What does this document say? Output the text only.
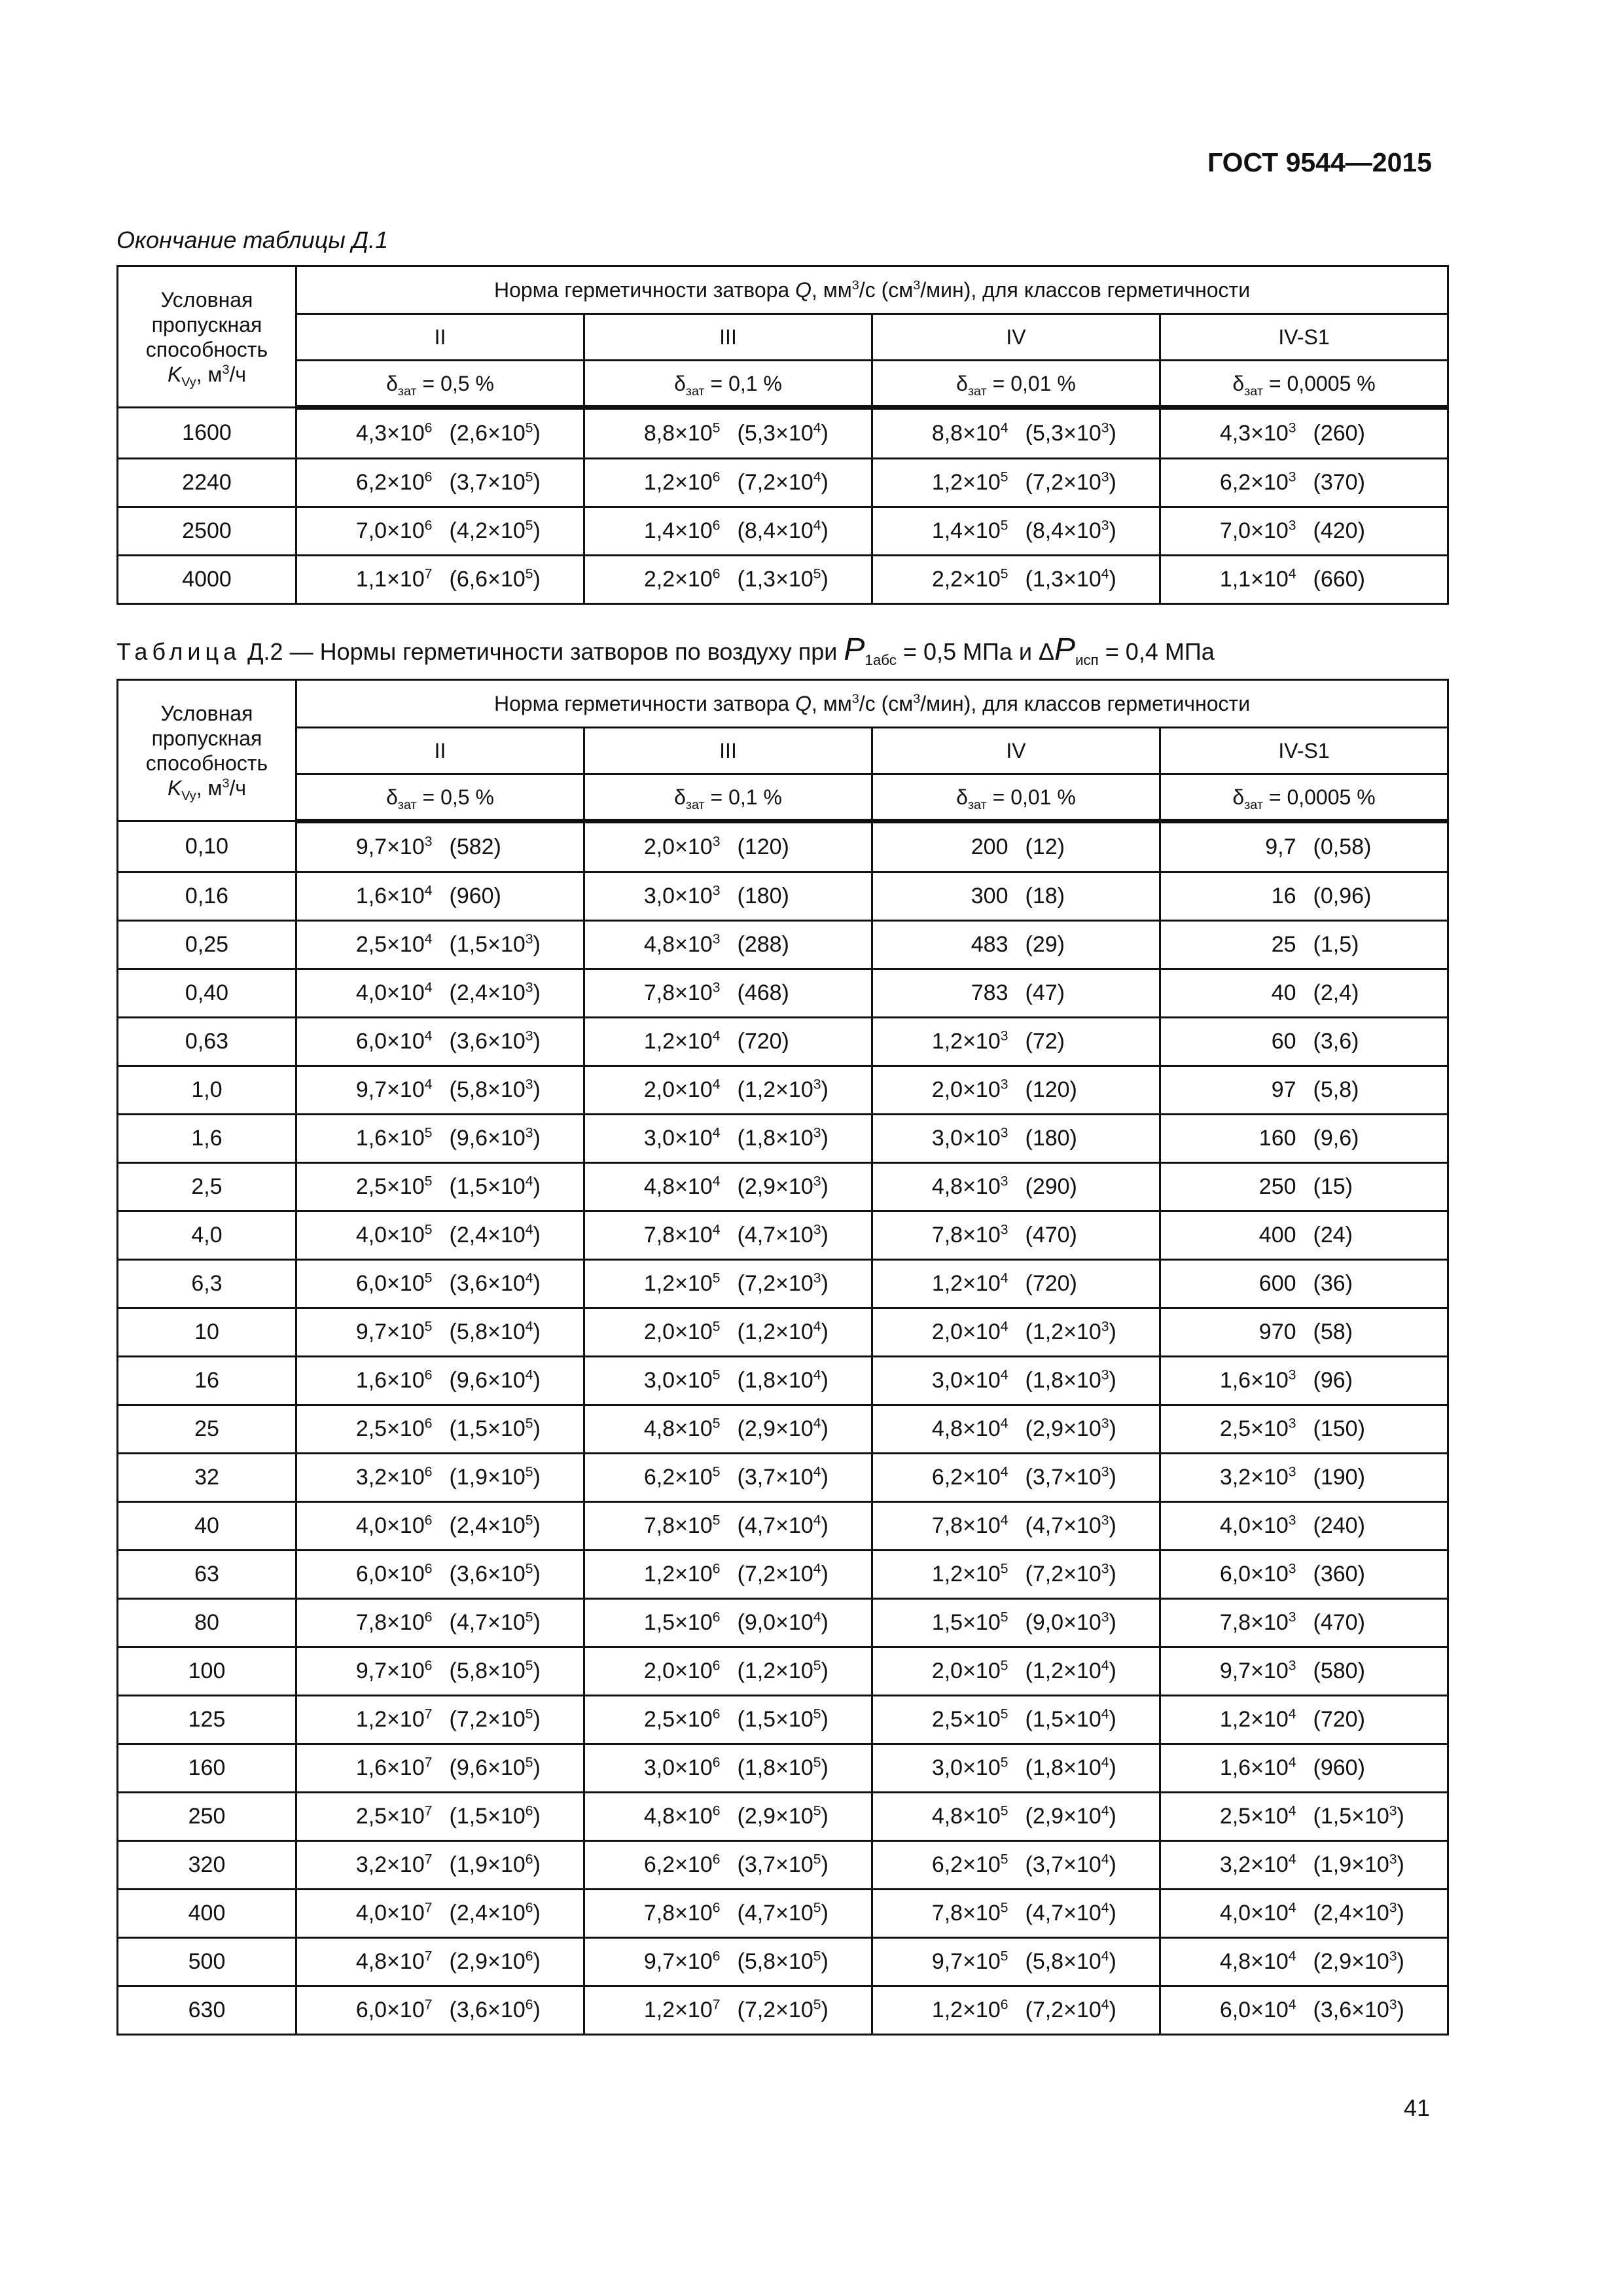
ГОСТ 9544—2015
Окончание таблицы Д.1
Условная
пропускная
способность
$K_{Vy}$, $м^3/ч$	Норма герметичности затвора Q, $мм^3/с$ $(см^3/мин)$, для классов герметичности			
	II	III	IV	IV-S1
	$\delta_{зат} = 0,5$ %	$\delta_{зат} = 0,1$ %	$\delta_{зат} = 0,01$ %	$\delta_{зат} = 0,0005$ %
1600	$4,3\times 10^6$ $(2,6\times 10^5)$	$8,8\times 10^5$ $(5,3\times 10^4)$	$8,8\times 10^4$ $(5,3\times 10^3)$	$4,3\times 10^3$ (260)

2240	$6,2\times 10^6$ $(3,7\times 10^5)$	$1,2\times 10^6$ $(7,2\times 10^4)$	$1,2\times 10^5$ $(7,2\times 10^3)$	$6,2\times 10^3$ (370)

2500	$7,0\times 10^6$ $(4,2\times 10^5)$	$1,4\times 10^6$ $(8,4\times 10^4)$	$1,4\times 10^5$ $(8,4\times 10^3)$	$7,0\times 10^3$ (420)

4000	$1,1\times 10^7$ $(6,6\times 10^5)$	$2,2\times 10^6$ $(1,3\times 10^5)$	$2,2\times 10^5$ $(1,3\times 10^4)$	$1,1\times 10^4$ (660)
Таблица Д.2 — Нормы герметичности затворов по воздуху при $P_{1абс} = 0,5$ МПа и $\Delta P_{исп} = 0,4$ МПа
Условная
пропускная
способность
$K_{Vy}$, $м^3/ч$	Норма герметичности затвора Q, $мм^3/с$ $(см^3/мин)$, для классов герметичности			
	II	III	IV	IV-S1
	$\delta_{зат} = 0,5$ %	$\delta_{зат} = 0,1$ %	$\delta_{зат} = 0,01$ %	$\delta_{зат} = 0,0005$ %
0,10	$9,7\times 10^3$ (582)	$2,0\times 10^3$ (120)	200 (12)	9,7 (0,58)

0,16	$1,6\times 10^4$ (960)	$3,0\times 10^3$ (180)	300 (18)	16 (0,96)

0,25	$2,5\times 10^4$ $(1,5\times 10^3)$	$4,8\times 10^3$ (288)	483 (29)	25 (1,5)

0,40	$4,0\times 10^4$ $(2,4\times 10^3)$	$7,8\times 10^3$ (468)	783 (47)	40 (2,4)

0,63	$6,0\times 10^4$ $(3,6\times 10^3)$	$1,2\times 10^4$ (720)	$1,2\times 10^3$ (72)	60 (3,6)

1,0	$9,7\times 10^4$ $(5,8\times 10^3)$	$2,0\times 10^4$ $(1,2\times 10^3)$	$2,0\times 10^3$ (120)	97 (5,8)

1,6	$1,6\times 10^5$ $(9,6\times 10^3)$	$3,0\times 10^4$ $(1,8\times 10^3)$	$3,0\times 10^3$ (180)	160 (9,6)

2,5	$2,5\times 10^5$ $(1,5\times 10^4)$	$4,8\times 10^4$ $(2,9\times 10^3)$	$4,8\times 10^3$ (290)	250 (15)

4,0	$4,0\times 10^5$ $(2,4\times 10^4)$	$7,8\times 10^4$ $(4,7\times 10^3)$	$7,8\times 10^3$ (470)	400 (24)

6,3	$6,0\times 10^5$ $(3,6\times 10^4)$	$1,2\times 10^5$ $(7,2\times 10^3)$	$1,2\times 10^4$ (720)	600 (36)

10	$9,7\times 10^5$ $(5,8\times 10^4)$	$2,0\times 10^5$ $(1,2\times 10^4)$	$2,0\times 10^4$ $(1,2\times 10^3)$	970 (58)

16	$1,6\times 10^6$ $(9,6\times 10^4)$	$3,0\times 10^5$ $(1,8\times 10^4)$	$3,0\times 10^4$ $(1,8\times 10^3)$	$1,6\times 10^3$ (96)

25	$2,5\times 10^6$ $(1,5\times 10^5)$	$4,8\times 10^5$ $(2,9\times 10^4)$	$4,8\times 10^4$ $(2,9\times 10^3)$	$2,5\times 10^3$ (150)

32	$3,2\times 10^6$ $(1,9\times 10^5)$	$6,2\times 10^5$ $(3,7\times 10^4)$	$6,2\times 10^4$ $(3,7\times 10^3)$	$3,2\times 10^3$ (190)

40	$4,0\times 10^6$ $(2,4\times 10^5)$	$7,8\times 10^5$ $(4,7\times 10^4)$	$7,8\times 10^4$ $(4,7\times 10^3)$	$4,0\times 10^3$ (240)

63	$6,0\times 10^6$ $(3,6\times 10^5)$	$1,2\times 10^6$ $(7,2\times 10^4)$	$1,2\times 10^5$ $(7,2\times 10^3)$	$6,0\times 10^3$ (360)

80	$7,8\times 10^6$ $(4,7\times 10^5)$	$1,5\times 10^6$ $(9,0\times 10^4)$	$1,5\times 10^5$ $(9,0\times 10^3)$	$7,8\times 10^3$ (470)

100	$9,7\times 10^6$ $(5,8\times 10^5)$	$2,0\times 10^6$ $(1,2\times 10^5)$	$2,0\times 10^5$ $(1,2\times 10^4)$	$9,7\times 10^3$ (580)

125	$1,2\times 10^7$ $(7,2\times 10^5)$	$2,5\times 10^6$ $(1,5\times 10^5)$	$2,5\times 10^5$ $(1,5\times 10^4)$	$1,2\times 10^4$ (720)

160	$1,6\times 10^7$ $(9,6\times 10^5)$	$3,0\times 10^6$ $(1,8\times 10^5)$	$3,0\times 10^5$ $(1,8\times 10^4)$	$1,6\times 10^4$ (960)

250	$2,5\times 10^7$ $(1,5\times 10^6)$	$4,8\times 10^6$ $(2,9\times 10^5)$	$4,8\times 10^5$ $(2,9\times 10^4)$	$2,5\times 10^4$ $(1,5\times 10^3)$

320	$3,2\times 10^7$ $(1,9\times 10^6)$	$6,2\times 10^6$ $(3,7\times 10^5)$	$6,2\times 10^5$ $(3,7\times 10^4)$	$3,2\times 10^4$ $(1,9\times 10^3)$

400	$4,0\times 10^7$ $(2,4\times 10^6)$	$7,8\times 10^6$ $(4,7\times 10^5)$	$7,8\times 10^5$ $(4,7\times 10^4)$	$4,0\times 10^4$ $(2,4\times 10^3)$

500	$4,8\times 10^7$ $(2,9\times 10^6)$	$9,7\times 10^6$ $(5,8\times 10^5)$	$9,7\times 10^5$ $(5,8\times 10^4)$	$4,8\times 10^4$ $(2,9\times 10^3)$

630	$6,0\times 10^7$ $(3,6\times 10^6)$	$1,2\times 10^7$ $(7,2\times 10^5)$	$1,2\times 10^6$ $(7,2\times 10^4)$	$6,0\times 10^4$ $(3,6\times 10^3)$
41
